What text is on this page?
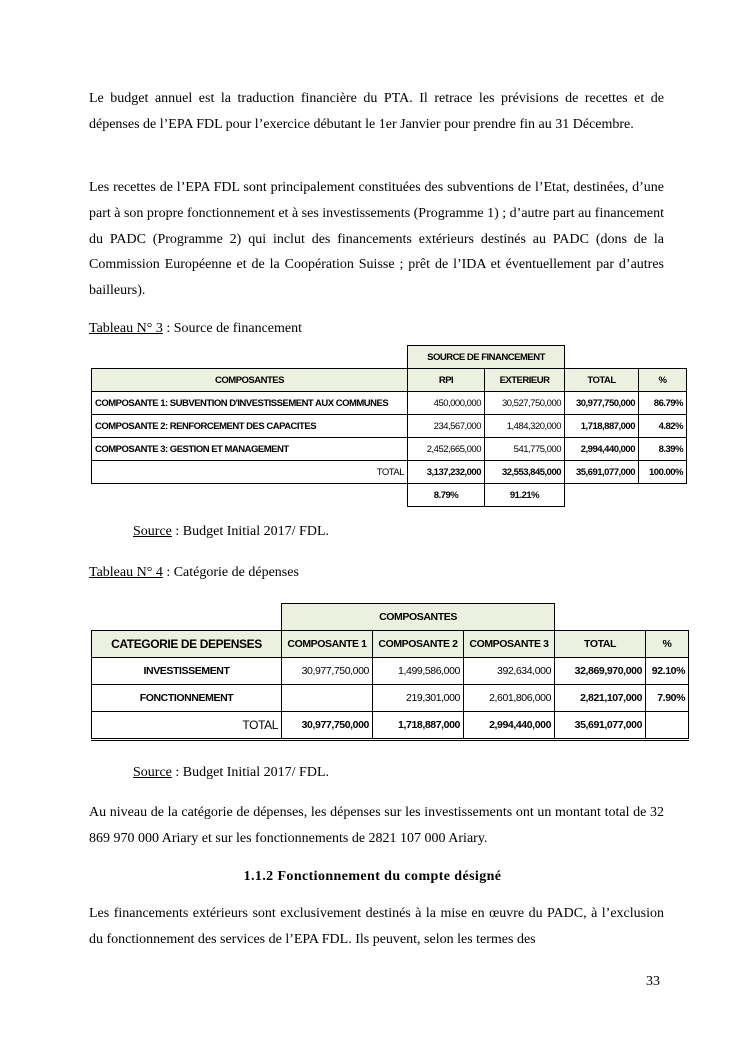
Le budget annuel est la traduction financière du PTA. Il retrace les prévisions de recettes et de dépenses de l’EPA FDL pour l’exercice débutant le 1er Janvier pour prendre fin au 31 Décembre.

Les recettes de l’EPA FDL sont principalement constituées des subventions de l’Etat, destinées, d’une part à son propre fonctionnement et à ses investissements (Programme 1) ; d’autre part au financement du PADC (Programme 2) qui inclut des financements extérieurs destinés au PADC (dons de la Commission Européenne et de la Coopération Suisse ; prêt de l’IDA et éventuellement par d’autres bailleurs).

Tableau N° 3 : Source de financement

	SOURCE DE FINANCEMENT			
COMPOSANTES	RPI	EXTERIEUR	TOTAL	%
COMPOSANTE 1: SUBVENTION D'INVESTISSEMENT AUX COMMUNES	450,000,000	30,527,750,000	30,977,750,000	86.79%
COMPOSANTE 2: RENFORCEMENT DES CAPACITES	234,567,000	1,484,320,000	1,718,887,000	4.82%
COMPOSANTE 3: GESTION ET MANAGEMENT	2,452,665,000	541,775,000	2,994,440,000	8.39%
TOTAL	3,137,232,000	32,553,845,000	35,691,077,000	100.00%
	8.79%	91.21%		

Source : Budget Initial 2017/ FDL.

Tableau N° 4 : Catégorie de dépenses

	COMPOSANTES				
CATEGORIE DE DEPENSES	COMPOSANTE 1	COMPOSANTE 2	COMPOSANTE 3	TOTAL	%
INVESTISSEMENT	30,977,750,000	1,499,586,000	392,634,000	32,869,970,000	92.10%
FONCTIONNEMENT		219,301,000	2,601,806,000	2,821,107,000	7.90%
TOTAL	30,977,750,000	1,718,887,000	2,994,440,000	35,691,077,000	

Source : Budget Initial 2017/ FDL.

Au niveau de la catégorie de dépenses, les dépenses sur les investissements ont un montant total de 32 869 970 000 Ariary et sur les fonctionnements de 2821 107 000 Ariary.

1.1.2 Fonctionnement du compte désigné

Les financements extérieurs sont exclusivement destinés à la mise en œuvre du PADC, à l’exclusion du fonctionnement des services de l’EPA FDL. Ils peuvent, selon les termes des

33
